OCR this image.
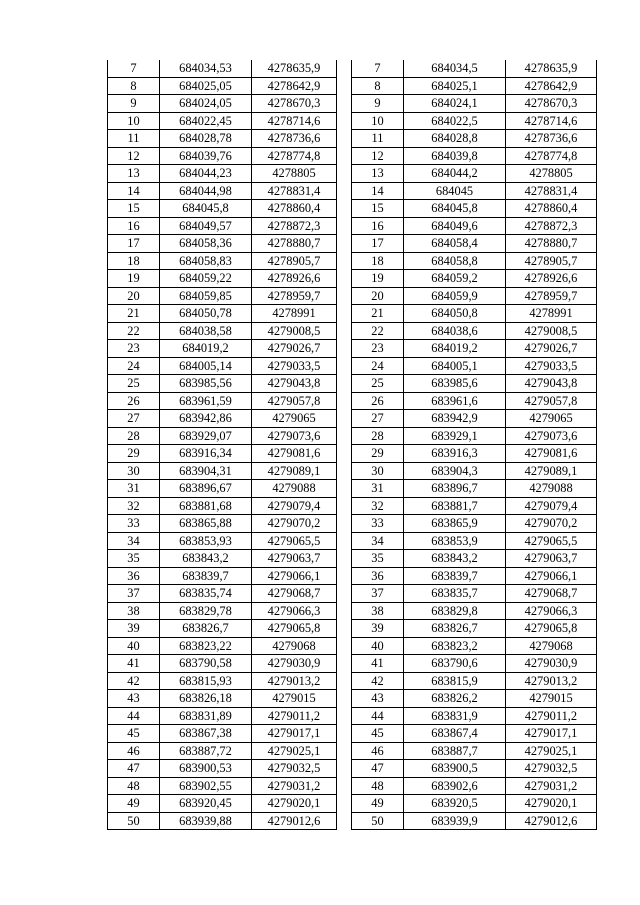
7	684034,53	4278635,9
8	684025,05	4278642,9
9	684024,05	4278670,3
10	684022,45	4278714,6
11	684028,78	4278736,6
12	684039,76	4278774,8
13	684044,23	4278805
14	684044,98	4278831,4
15	684045,8	4278860,4
16	684049,57	4278872,3
17	684058,36	4278880,7
18	684058,83	4278905,7
19	684059,22	4278926,6
20	684059,85	4278959,7
21	684050,78	4278991
22	684038,58	4279008,5
23	684019,2	4279026,7
24	684005,14	4279033,5
25	683985,56	4279043,8
26	683961,59	4279057,8
27	683942,86	4279065
28	683929,07	4279073,6
29	683916,34	4279081,6
30	683904,31	4279089,1
31	683896,67	4279088
32	683881,68	4279079,4
33	683865,88	4279070,2
34	683853,93	4279065,5
35	683843,2	4279063,7
36	683839,7	4279066,1
37	683835,74	4279068,7
38	683829,78	4279066,3
39	683826,7	4279065,8
40	683823,22	4279068
41	683790,58	4279030,9
42	683815,93	4279013,2
43	683826,18	4279015
44	683831,89	4279011,2
45	683867,38	4279017,1
46	683887,72	4279025,1
47	683900,53	4279032,5
48	683902,55	4279031,2
49	683920,45	4279020,1
50	683939,88	4279012,6
7	684034,5	4278635,9
8	684025,1	4278642,9
9	684024,1	4278670,3
10	684022,5	4278714,6
11	684028,8	4278736,6
12	684039,8	4278774,8
13	684044,2	4278805
14	684045	4278831,4
15	684045,8	4278860,4
16	684049,6	4278872,3
17	684058,4	4278880,7
18	684058,8	4278905,7
19	684059,2	4278926,6
20	684059,9	4278959,7
21	684050,8	4278991
22	684038,6	4279008,5
23	684019,2	4279026,7
24	684005,1	4279033,5
25	683985,6	4279043,8
26	683961,6	4279057,8
27	683942,9	4279065
28	683929,1	4279073,6
29	683916,3	4279081,6
30	683904,3	4279089,1
31	683896,7	4279088
32	683881,7	4279079,4
33	683865,9	4279070,2
34	683853,9	4279065,5
35	683843,2	4279063,7
36	683839,7	4279066,1
37	683835,7	4279068,7
38	683829,8	4279066,3
39	683826,7	4279065,8
40	683823,2	4279068
41	683790,6	4279030,9
42	683815,9	4279013,2
43	683826,2	4279015
44	683831,9	4279011,2
45	683867,4	4279017,1
46	683887,7	4279025,1
47	683900,5	4279032,5
48	683902,6	4279031,2
49	683920,5	4279020,1
50	683939,9	4279012,6
